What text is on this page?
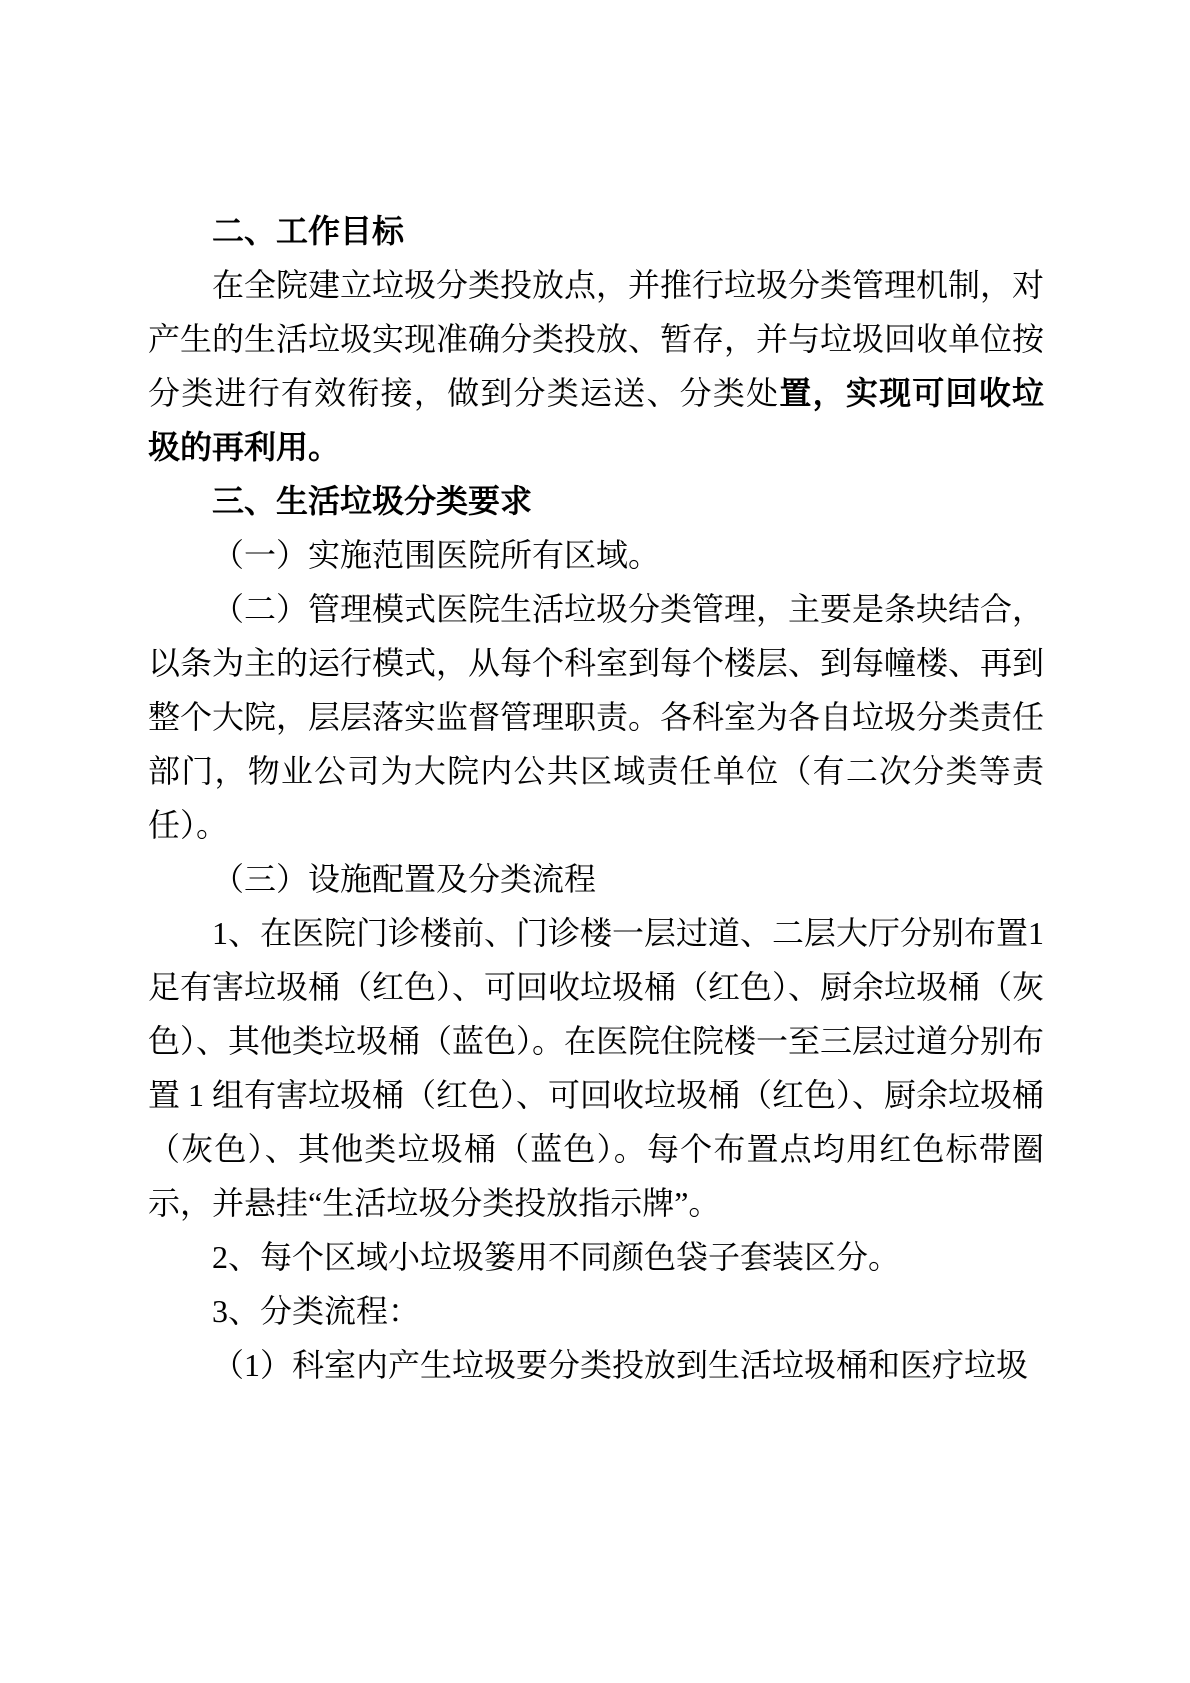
二、工作目标

在全院建立垃圾分类投放点，并推行垃圾分类管理机制，对产生的生活垃圾实现准确分类投放、暂存，并与垃圾回收单位按分类进行有效衔接，做到分类运送、分类处置，实现可回收垃圾的再利用。

三、生活垃圾分类要求

（一）实施范围医院所有区域。

（二）管理模式医院生活垃圾分类管理，主要是条块结合，以条为主的运行模式，从每个科室到每个楼层、到每幢楼、再到整个大院，层层落实监督管理职责。各科室为各自垃圾分类责任部门，物业公司为大院内公共区域责任单位（有二次分类等责任）。

（三）设施配置及分类流程

1、在医院门诊楼前、门诊楼一层过道、二层大厅分别布置1 足有害垃圾桶（红色）、可回收垃圾桶（红色）、厨余垃圾桶（灰色）、其他类垃圾桶（蓝色）。在医院住院楼一至三层过道分别布置 1 组有害垃圾桶（红色）、可回收垃圾桶（红色）、厨余垃圾桶（灰色）、其他类垃圾桶（蓝色）。每个布置点均用红色标带圈示，并悬挂“生活垃圾分类投放指示牌”。

2、每个区域小垃圾篓用不同颜色袋子套装区分。

3、分类流程：

（1）科室内产生垃圾要分类投放到生活垃圾桶和医疗垃圾
